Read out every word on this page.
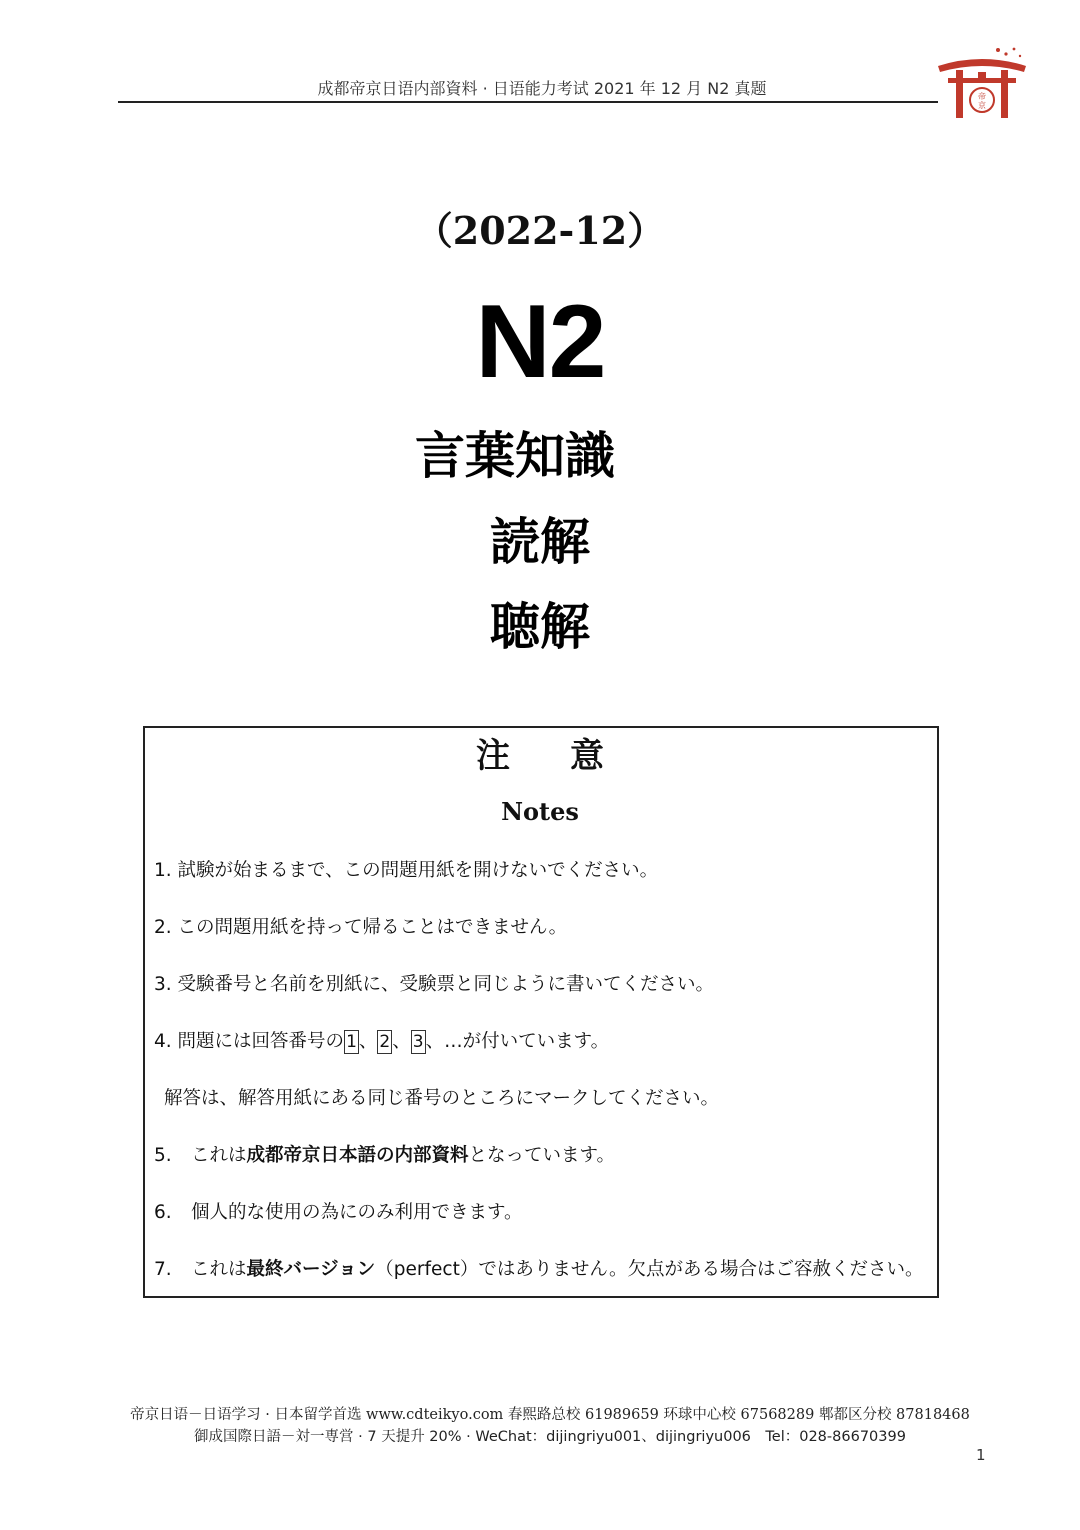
成都帝京日语内部資料 · 日语能力考试 2021 年 12 月 N2 真题	帝
京
（2022-12）
N2
言葉知識
読解
聴解
注 意
Notes
1. 試験が始まるまで、この問題用紙を開けないでください。
2. この問題用紙を持って帰ることはできません。
3. 受験番号と名前を別紙に、受験票と同じように書いてください。
4. 問題には回答番号の 1 、 2 、 3 、…が付いています。
解答は、解答用紙にある同じ番号のところにマークしてください。
5. これは成都帝京日本語の内部資料となっています。
6. 個人的な使用の為にのみ利用できます。
7. これは最終バージョン（perfect）ではありません。欠点がある場合はご容赦ください。
帝京日语－日语学习 · 日本留学首选 www.cdteikyo.com 春熙路总校 61989659 环球中心校 67568289 郫都区分校 87818468
御成国際日語－対一専営 · 7 天提升 20% · WeChat：dijingriyu001、dijingriyu006　Tel：028-86670399
1
